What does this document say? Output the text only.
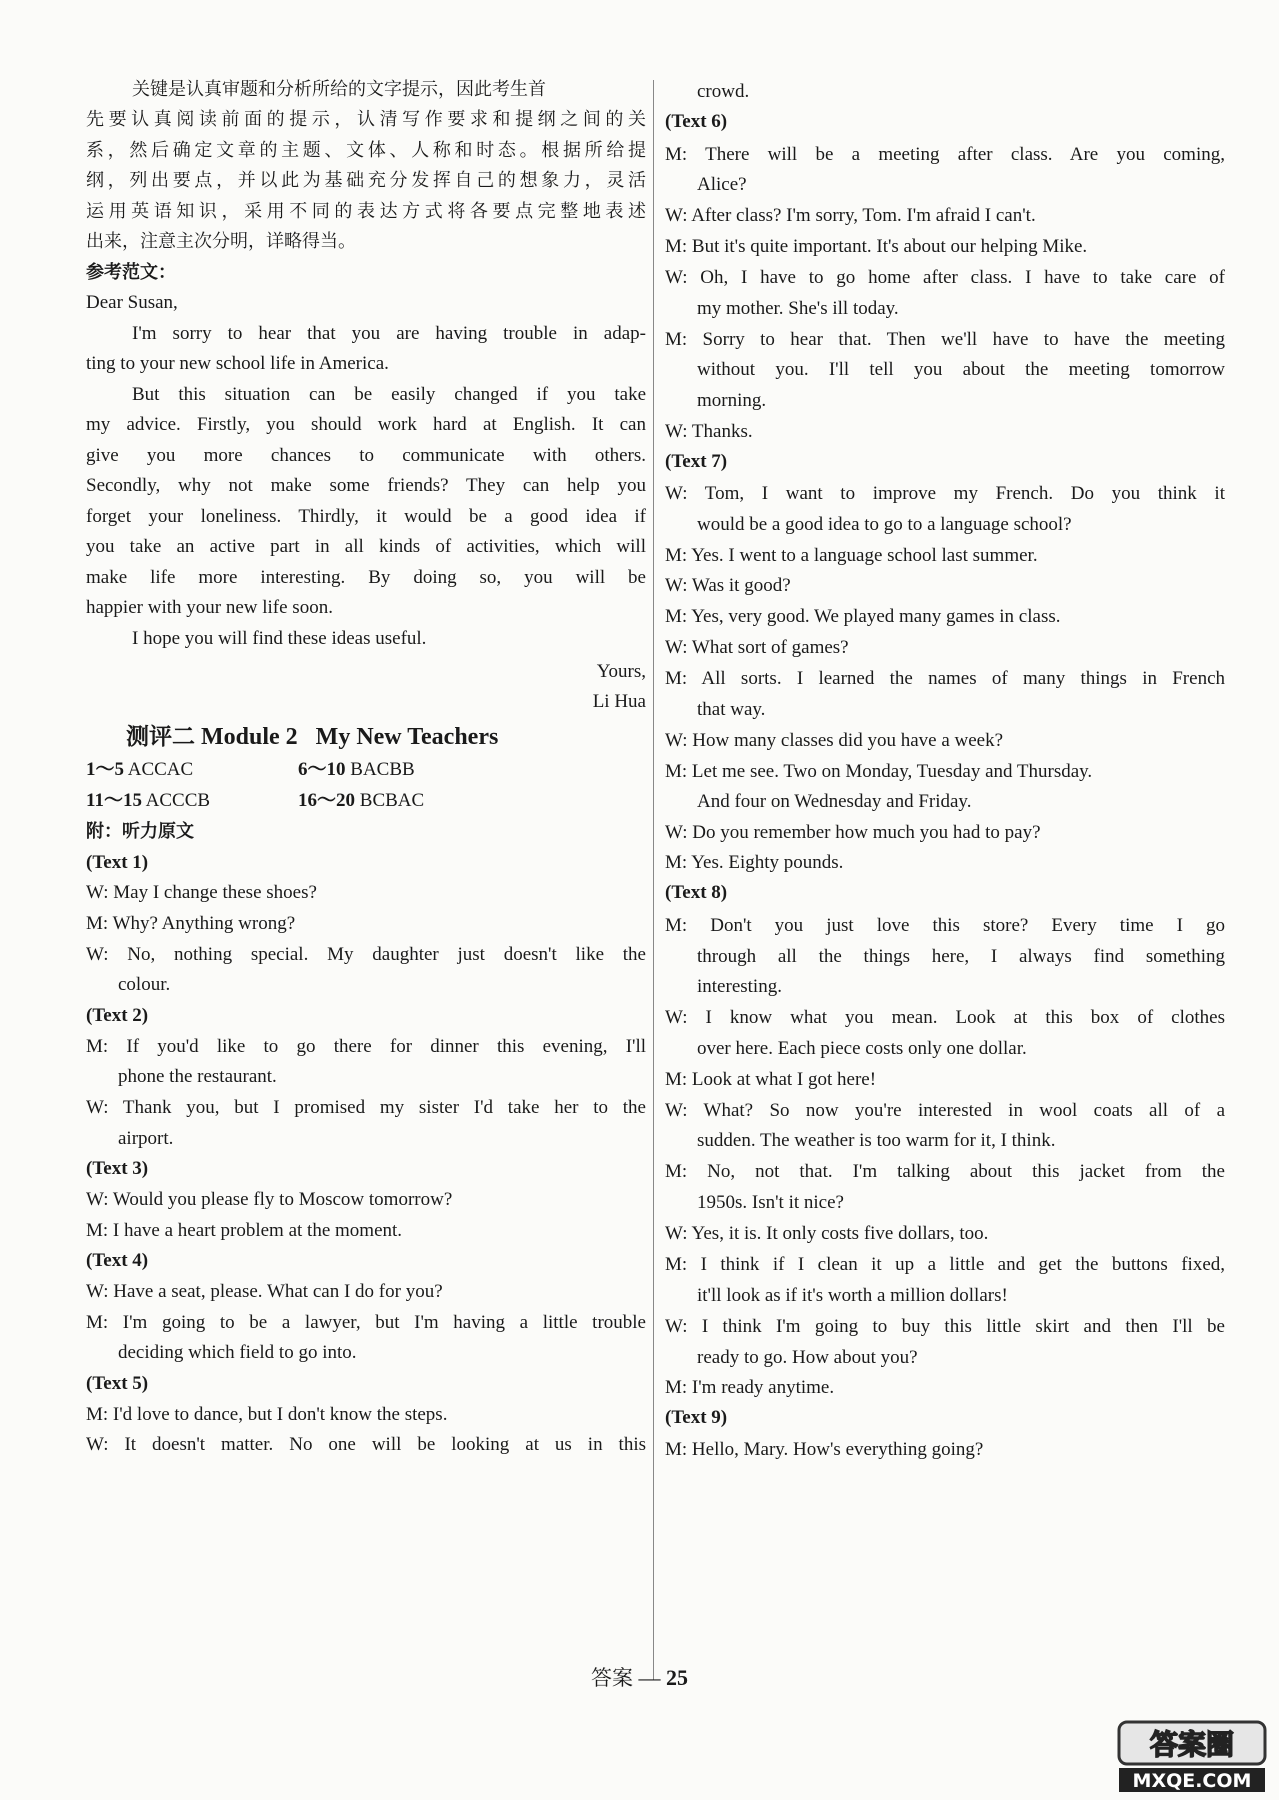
关键是认真审题和分析所给的文字提示，因此考生首
先要认真阅读前面的提示，认清写作要求和提纲之间的关
系，然后确定文章的主题、文体、人称和时态。根据所给提
纲，列出要点，并以此为基础充分发挥自己的想象力，灵活
运用英语知识，采用不同的表达方式将各要点完整地表述
出来，注意主次分明，详略得当。
参考范文：
Dear Susan,
I'm sorry to hear that you are having trouble in adap-
ting to your new school life in America.
But this situation can be easily changed if you take
my advice. Firstly, you should work hard at English. It can
give you more chances to communicate with others.
Secondly, why not make some friends? They can help you
forget your loneliness. Thirdly, it would be a good idea if
you take an active part in all kinds of activities, which will
make life more interesting. By doing so, you will be
happier with your new life soon.
I hope you will find these ideas useful.
Yours,
Li Hua
测评二 Module 2   My New Teachers
1～5 ACCAC	6～10 BACBB
11～15 ACCCB	16～20 BCBAC
附：听力原文
(Text 1)
W: May I change these shoes?
M: Why? Anything wrong?
W: No, nothing special. My daughter just doesn't like the
colour.
(Text 2)
M: If you'd like to go there for dinner this evening, I'll
phone the restaurant.
W: Thank you, but I promised my sister I'd take her to the
airport.
(Text 3)
W: Would you please fly to Moscow tomorrow?
M: I have a heart problem at the moment.
(Text 4)
W: Have a seat, please. What can I do for you?
M: I'm going to be a lawyer, but I'm having a little trouble
deciding which field to go into.
(Text 5)
M: I'd love to dance, but I don't know the steps.
W: It doesn't matter. No one will be looking at us in this
crowd.
(Text 6)
M: There will be a meeting after class. Are you coming,
Alice?
W: After class? I'm sorry, Tom. I'm afraid I can't.
M: But it's quite important. It's about our helping Mike.
W: Oh, I have to go home after class. I have to take care of
my mother. She's ill today.
M: Sorry to hear that. Then we'll have to have the meeting
without you. I'll tell you about the meeting tomorrow
morning.
W: Thanks.
(Text 7)
W: Tom, I want to improve my French. Do you think it
would be a good idea to go to a language school?
M: Yes. I went to a language school last summer.
W: Was it good?
M: Yes, very good. We played many games in class.
W: What sort of games?
M: All sorts. I learned the names of many things in French
that way.
W: How many classes did you have a week?
M: Let me see. Two on Monday, Tuesday and Thursday.
And four on Wednesday and Friday.
W: Do you remember how much you had to pay?
M: Yes. Eighty pounds.
(Text 8)
M: Don't you just love this store? Every time I go
through all the things here, I always find something
interesting.
W: I know what you mean. Look at this box of clothes
over here. Each piece costs only one dollar.
M: Look at what I got here!
W: What? So now you're interested in wool coats all of a
sudden. The weather is too warm for it, I think.
M: No, not that. I'm talking about this jacket from the
1950s. Isn't it nice?
W: Yes, it is. It only costs five dollars, too.
M: I think if I clean it up a little and get the buttons fixed,
it'll look as if it's worth a million dollars!
W: I think I'm going to buy this little skirt and then I'll be
ready to go. How about you?
M: I'm ready anytime.
(Text 9)
M: Hello, Mary. How's everything going?
答案 — 25
答案圈
MXQE.COM
